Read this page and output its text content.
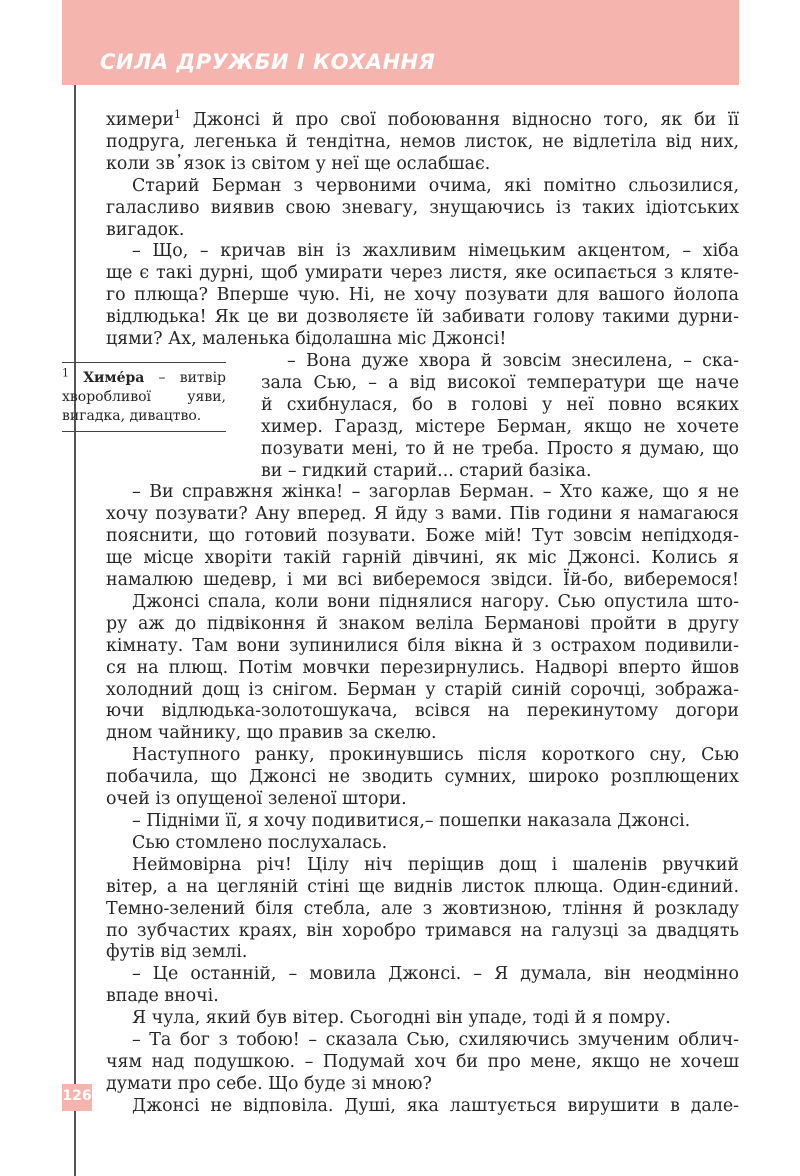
СИЛА ДРУЖБИ І КОХАННЯ
$^1$ Химе́ра – витвір хворобливої уяви, вигадка, дивацтво.

химери$^1$ Джонсі й про свої побоювання відносно того, як би її

подруга, легенька й тендітна, немов листок, не відлетіла від них,

коли зв᾽язок із світом у неї ще ослабшає.

Старий Берман з червоними очима, які помітно сльозилися,

галасливо виявив свою зневагу, знущаючись із таких ідіотських

вигадок.

– Що, – кричав він із жахливим німецьким акцентом, – хіба

ще є такі дурні, щоб умирати через листя, яке осипається з кляте-

го плюща? Вперше чую. Ні, не хочу позувати для вашого йолопа

відлюдька! Як це ви дозволяєте їй забивати голову такими дурни-

цями? Ах, маленька бідолашна міс Джонсі!

– Вона дуже хвора й зовсім знесилена, – ска-

зала Сью, – а від високої температури ще наче

й схибнулася, бо в голові у неї повно всяких

химер. Гаразд, містере Берман, якщо не хочете

позувати мені, то й не треба. Просто я думаю, що

ви – гидкий старий... старий базіка.

– Ви справжня жінка! – загорлав Берман. – Хто каже, що я не

хочу позувати? Ану вперед. Я йду з вами. Пів години я намагаюся

пояснити, що готовий позувати. Боже мій! Тут зовсім непідходя-

ще місце хворіти такій гарній дівчині, як міс Джонсі. Колись я

намалюю шедевр, і ми всі виберемося звідси. Їй-бо, виберемося!

Джонсі спала, коли вони піднялися нагору. Сью опустила што-

ру аж до підвіконня й знаком веліла Бермановi пройти в другу

кімнату. Там вони зупинилися біля вікна й з острахом подивили-

ся на плющ. Потім мовчки перезирнулись. Надворі вперто йшов

холодний дощ із снігом. Берман у старій синій сорочці, зобража-

ючи відлюдька-золотошукача, всівся на перекинутому догори

дном чайнику, що правив за скелю.

Наступного ранку, прокинувшись після короткого сну, Сью

побачила, що Джонсі не зводить сумних, широко розплющених

очей із опущеної зеленої штори.

– Підніми її, я хочу подивитися,– пошепки наказала Джонсі.

Сью стомлено послухалась.

Неймовірна річ! Цілу ніч періщив дощ і шаленів рвучкий

вітер, а на цегляній стіні ще виднів листок плюща. Один-єдиний.

Темно-зелений біля стебла, але з жовтизною, тління й розкладу

по зубчастих краях, він хоробро тримався на галузці за двадцять

футів від землі.

– Це останній, – мовила Джонсі. – Я думала, він неодмінно

впаде вночі.

Я чула, який був вітер. Сьогодні він упаде, тоді й я помру.

– Та бог з тобою! – сказала Сью, схиляючись змученим облич-

чям над подушкою. – Подумай хоч би про мене, якщо не хочеш

думати про себе. Що буде зі мною?

Джонсі не відповіла. Душі, яка лаштується вирушити в дале-

126
